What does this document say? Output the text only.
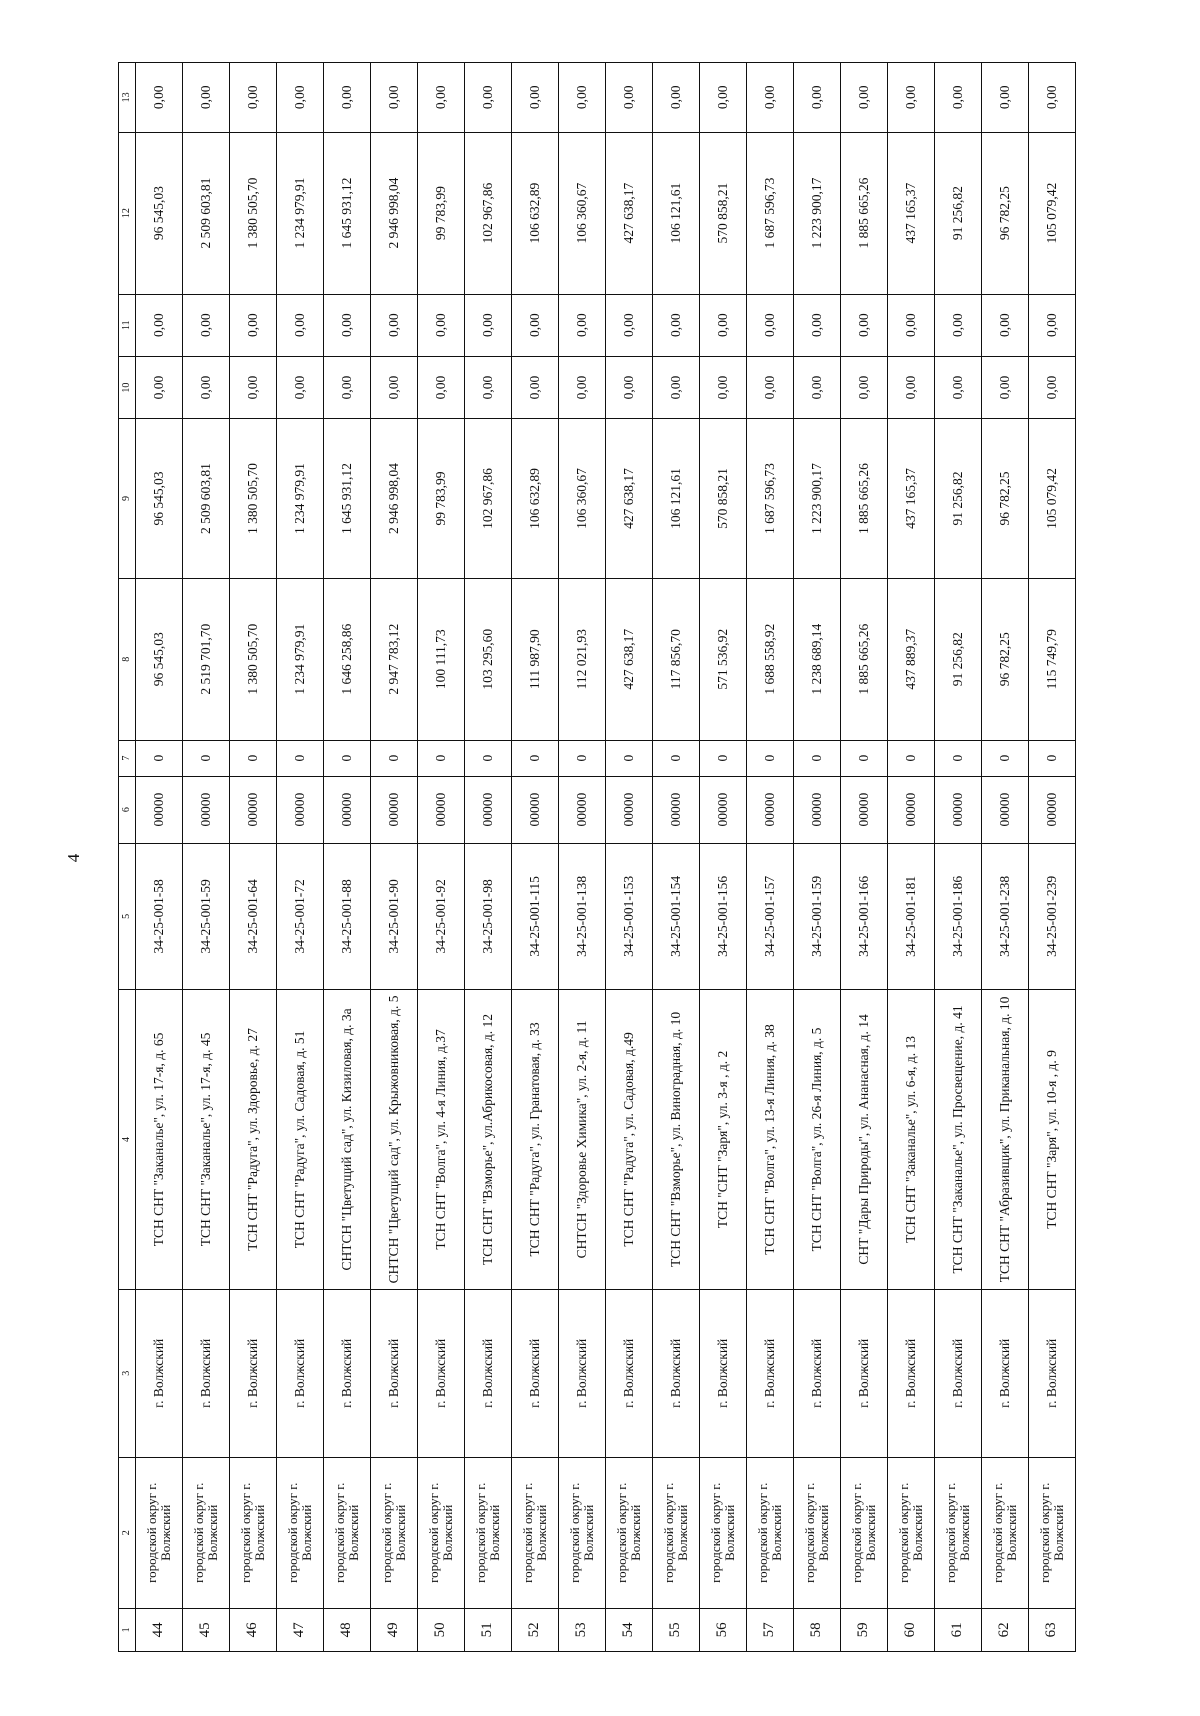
4
1	2	3	4	5	6	7	8	9	10	11	12	13
44	городской округ г. Волжский	г. Волжский	ТСН СНТ "Заканалье", ул. 17-я, д. 65	34-25-001-58	00000	0	96 545,03	96 545,03	0,00	0,00	96 545,03	0,00
45	городской округ г. Волжский	г. Волжский	ТСН СНТ "Заканалье", ул. 17-я, д. 45	34-25-001-59	00000	0	2 519 701,70	2 509 603,81	0,00	0,00	2 509 603,81	0,00
46	городской округ г. Волжский	г. Волжский	ТСН СНТ "Радуга", ул. Здоровье, д. 27	34-25-001-64	00000	0	1 380 505,70	1 380 505,70	0,00	0,00	1 380 505,70	0,00
47	городской округ г. Волжский	г. Волжский	ТСН СНТ "Радуга", ул. Садовая, д. 51	34-25-001-72	00000	0	1 234 979,91	1 234 979,91	0,00	0,00	1 234 979,91	0,00
48	городской округ г. Волжский	г. Волжский	СНТСН "Цветущий сад", ул. Кизиловая, д. 3а	34-25-001-88	00000	0	1 646 258,86	1 645 931,12	0,00	0,00	1 645 931,12	0,00
49	городской округ г. Волжский	г. Волжский	СНТСН "Цветущий сад", ул. Крыжовниковая, д. 5	34-25-001-90	00000	0	2 947 783,12	2 946 998,04	0,00	0,00	2 946 998,04	0,00
50	городской округ г. Волжский	г. Волжский	ТСН СНТ "Волга", ул. 4-я Линия, д.37	34-25-001-92	00000	0	100 111,73	99 783,99	0,00	0,00	99 783,99	0,00
51	городской округ г. Волжский	г. Волжский	ТСН СНТ "Взморье", ул.Абрикосовая, д. 12	34-25-001-98	00000	0	103 295,60	102 967,86	0,00	0,00	102 967,86	0,00
52	городской округ г. Волжский	г. Волжский	ТСН СНТ "Радуга", ул. Гранатовая, д. 33	34-25-001-115	00000	0	111 987,90	106 632,89	0,00	0,00	106 632,89	0,00
53	городской округ г. Волжский	г. Волжский	СНТСН "Здоровье Химика", ул. 2-я, д. 11	34-25-001-138	00000	0	112 021,93	106 360,67	0,00	0,00	106 360,67	0,00
54	городской округ г. Волжский	г. Волжский	ТСН СНТ "Радуга", ул. Садовая, д.49	34-25-001-153	00000	0	427 638,17	427 638,17	0,00	0,00	427 638,17	0,00
55	городской округ г. Волжский	г. Волжский	ТСН СНТ "Взморье", ул. Виноградная, д. 10	34-25-001-154	00000	0	117 856,70	106 121,61	0,00	0,00	106 121,61	0,00
56	городской округ г. Волжский	г. Волжский	ТСН "СНТ "Заря", ул. 3-я , д. 2	34-25-001-156	00000	0	571 536,92	570 858,21	0,00	0,00	570 858,21	0,00
57	городской округ г. Волжский	г. Волжский	ТСН СНТ "Волга", ул. 13-я Линия, д. 38	34-25-001-157	00000	0	1 688 558,92	1 687 596,73	0,00	0,00	1 687 596,73	0,00
58	городской округ г. Волжский	г. Волжский	ТСН СНТ "Волга", ул. 26-я Линия, д. 5	34-25-001-159	00000	0	1 238 689,14	1 223 900,17	0,00	0,00	1 223 900,17	0,00
59	городской округ г. Волжский	г. Волжский	СНТ "Дары Природы", ул. Ананасная, д. 14	34-25-001-166	00000	0	1 885 665,26	1 885 665,26	0,00	0,00	1 885 665,26	0,00
60	городской округ г. Волжский	г. Волжский	ТСН СНТ "Заканалье", ул. 6-я, д. 13	34-25-001-181	00000	0	437 889,37	437 165,37	0,00	0,00	437 165,37	0,00
61	городской округ г. Волжский	г. Волжский	ТСН СНТ "Заканалье", ул. Просвещение, д. 41	34-25-001-186	00000	0	91 256,82	91 256,82	0,00	0,00	91 256,82	0,00
62	городской округ г. Волжский	г. Волжский	ТСН СНТ "Абразивщик", ул. Приканальная, д. 10	34-25-001-238	00000	0	96 782,25	96 782,25	0,00	0,00	96 782,25	0,00
63	городской округ г. Волжский	г. Волжский	ТСН СНТ "Заря", ул. 10-я , д. 9	34-25-001-239	00000	0	115 749,79	105 079,42	0,00	0,00	105 079,42	0,00
